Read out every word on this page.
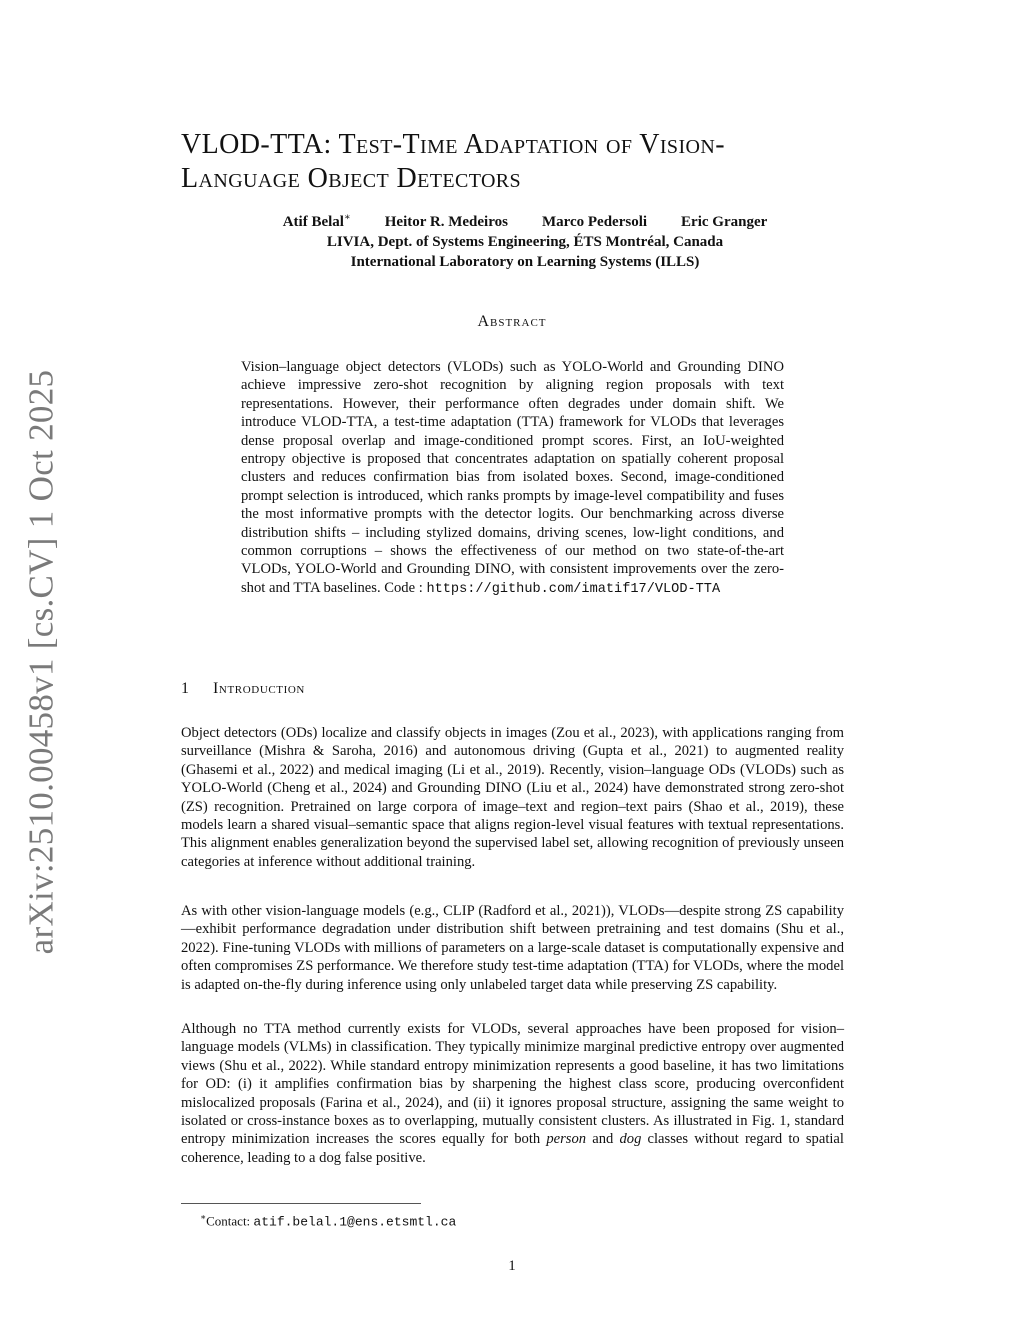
arXiv:2510.00458v1 [cs.CV] 1 Oct 2025
VLOD-TTA: Test-Time Adaptation of Vision-
Language Object Detectors
Atif Belal∗ Heitor R. Medeiros Marco Pedersoli Eric Granger
LIVIA, Dept. of Systems Engineering, ÉTS Montréal, Canada
International Laboratory on Learning Systems (ILLS)
Abstract

Vision–language object detectors (VLODs) such as YOLO-World and Grounding DINO achieve impressive zero-shot recognition by aligning region proposals with text representations. However, their performance often degrades under domain shift. We introduce VLOD-TTA, a test-time adaptation (TTA) framework for VLODs that leverages dense proposal overlap and image-conditioned prompt scores. First, an IoU-weighted entropy objective is proposed that concentrates adaptation on spatially coherent proposal clusters and reduces confirmation bias from isolated boxes. Second, image-conditioned prompt selection is introduced, which ranks prompts by image-level compatibility and fuses the most informative prompts with the detector logits. Our benchmarking across diverse distribution shifts – including stylized domains, driving scenes, low-light conditions, and common corruptions – shows the effectiveness of our method on two state-of-the-art VLODs, YOLO-World and Grounding DINO, with consistent improvements over the zero-shot and TTA baselines. Code : https://github.com/imatif17/VLOD-TTA

1 Introduction

Object detectors (ODs) localize and classify objects in images (Zou et al., 2023), with applications ranging from surveillance (Mishra & Saroha, 2016) and autonomous driving (Gupta et al., 2021) to augmented reality (Ghasemi et al., 2022) and medical imaging (Li et al., 2019). Recently, vision–language ODs (VLODs) such as YOLO-World (Cheng et al., 2024) and Grounding DINO (Liu et al., 2024) have demonstrated strong zero-shot (ZS) recognition. Pretrained on large corpora of image–text and region–text pairs (Shao et al., 2019), these models learn a shared visual–semantic space that aligns region-level visual features with textual representations. This alignment enables generalization beyond the supervised label set, allowing recognition of previously unseen categories at inference without additional training.

As with other vision-language models (e.g., CLIP (Radford et al., 2021)), VLODs—despite strong ZS capability—exhibit performance degradation under distribution shift between pretraining and test domains (Shu et al., 2022). Fine-tuning VLODs with millions of parameters on a large-scale dataset is computationally expensive and often compromises ZS performance. We therefore study test-time adaptation (TTA) for VLODs, where the model is adapted on-the-fly during inference using only unlabeled target data while preserving ZS capability.

Although no TTA method currently exists for VLODs, several approaches have been proposed for vision–language models (VLMs) in classification. They typically minimize marginal predictive entropy over augmented views (Shu et al., 2022). While standard entropy minimization represents a good baseline, it has two limitations for OD: (i) it amplifies confirmation bias by sharpening the highest class score, producing overconfident mislocalized proposals (Farina et al., 2024), and (ii) it ignores proposal structure, assigning the same weight to isolated or cross-instance boxes as to overlapping, mutually consistent clusters. As illustrated in Fig. 1, standard entropy minimization increases the scores equally for both person and dog classes without regard to spatial coherence, leading to a dog false positive.

∗Contact: atif.belal.1@ens.etsmtl.ca
1
